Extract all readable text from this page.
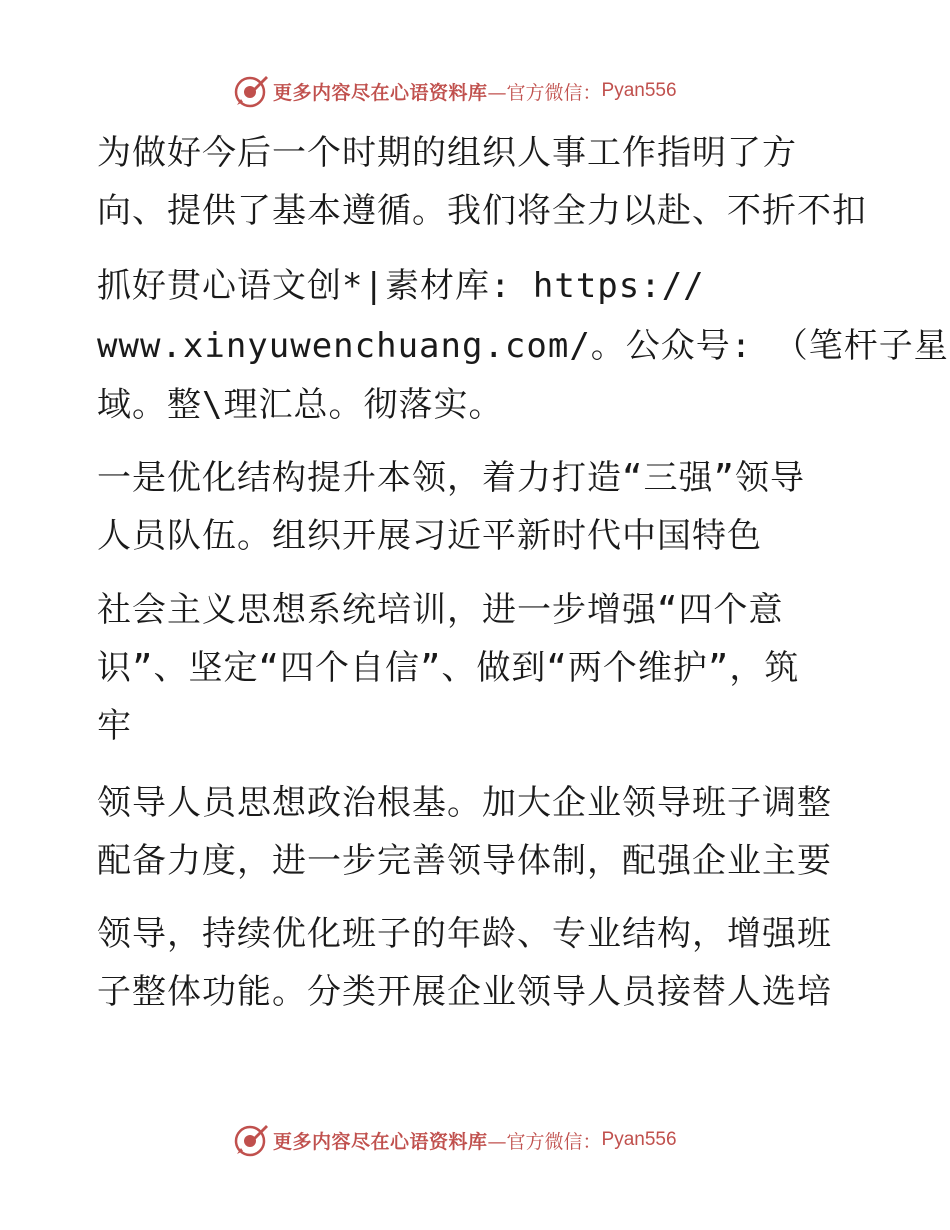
更多内容尽在心语资料库 —官方微信： Pyan556
为做好今后一个时期的组织人事工作指明了方
向、提供了基本遵循。我们将全力以赴、不折不扣
抓好贯心语文创*|素材库: https://
www.xinyuwenchuang.com/。公众号: （笔杆子星
域。整\理汇总。彻落实。
一是优化结构提升本领，着力打造“三强”领导
人员队伍。组织开展习近平新时代中国特色
社会主义思想系统培训，进一步增强“四个意
识”、坚定“四个自信”、做到“两个维护”，筑
牢
领导人员思想政治根基。加大企业领导班子调整
配备力度，进一步完善领导体制，配强企业主要
领导，持续优化班子的年龄、专业结构，增强班
子整体功能。分类开展企业领导人员接替人选培
更多内容尽在心语资料库 —官方微信： Pyan556
